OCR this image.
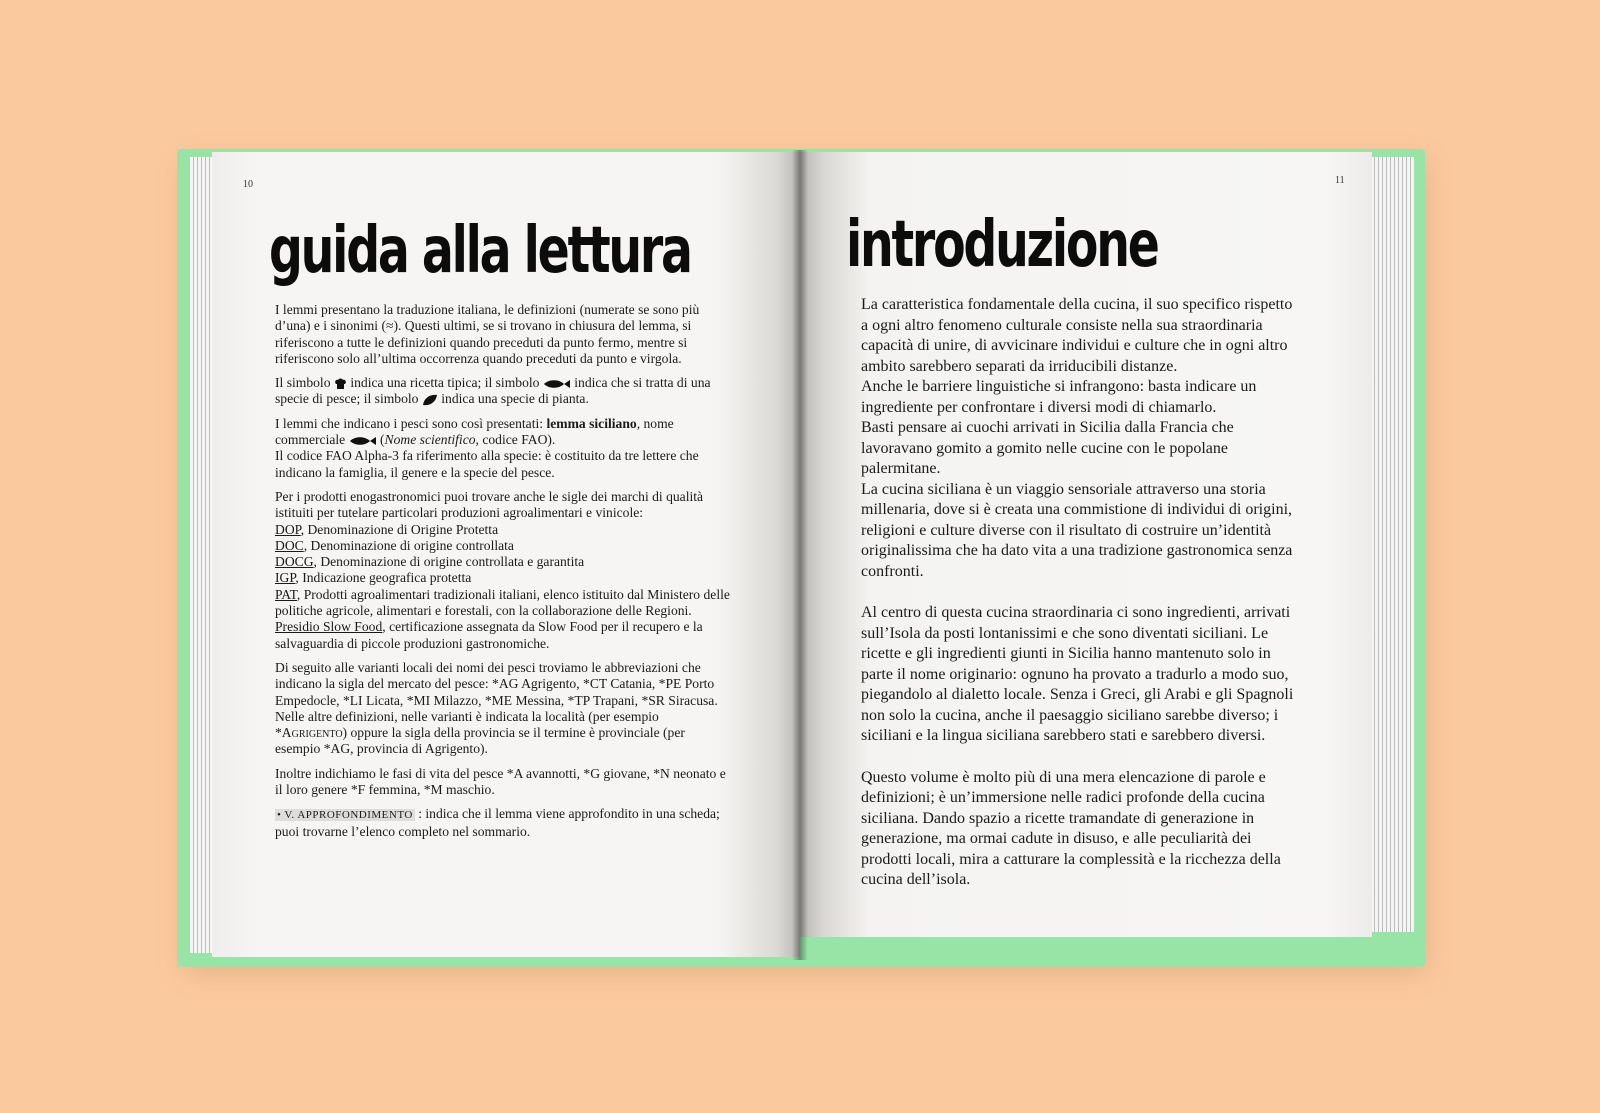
10
guida alla lettura

I lemmi presentano la traduzione italiana, le definizioni (numerate se sono più d’una) e i sinonimi (≈). Questi ultimi, se si trovano in chiusura del lemma, si riferiscono a tutte le definizioni quando preceduti da punto fermo, mentre si riferiscono solo all’ultima occorrenza quando preceduti da punto e virgola.

Il simbolo indica una ricetta tipica; il simbolo	indica che si tratta di una specie di pesce; il simbolo indica una specie di pianta.

I lemmi che indicano i pesci sono così presentati: lemma siciliano, nome commerciale	(Nome scientifico, codice FAO).
Il codice FAO Alpha-3 fa riferimento alla specie: è costituito da tre lettere che indicano la famiglia, il genere e la specie del pesce.

Per i prodotti enogastronomici puoi trovare anche le sigle dei marchi di qualità istituiti per tutelare particolari produzioni agroalimentari e vinicole:
DOP, Denominazione di Origine Protetta
DOC, Denominazione di origine controllata
DOCG, Denominazione di origine controllata e garantita
IGP, Indicazione geografica protetta
PAT, Prodotti agroalimentari tradizionali italiani, elenco istituito dal Ministero delle politiche agricole, alimentari e forestali, con la collaborazione delle Regioni.
Presidio Slow Food, certificazione assegnata da Slow Food per il recupero e la salvaguardia di piccole produzioni gastronomiche.

Di seguito alle varianti locali dei nomi dei pesci troviamo le abbreviazioni che indicano la sigla del mercato del pesce: *AG Agrigento, *CT Catania, *PE Porto Empedocle, *LI Licata, *MI Milazzo, *ME Messina, *TP Trapani, *SR Siracusa. Nelle altre definizioni, nelle varianti è indicata la località (per esempio *Agrigento) oppure la sigla della provincia se il termine è provinciale (per esempio *AG, provincia di Agrigento).

Inoltre indichiamo le fasi di vita del pesce *A avannotti, *G giovane, *N neonato e il loro genere *F femmina, *M maschio.

• V. APPROFONDIMENTO : indica che il lemma viene approfondito in una scheda; puoi trovarne l’elenco completo nel sommario.

11
introduzione

La caratteristica fondamentale della cucina, il suo specifico rispetto a ogni altro fenomeno culturale consiste nella sua straordinaria capacità di unire, di avvicinare individui e culture che in ogni altro ambito sarebbero separati da irriducibili distanze.
Anche le barriere linguistiche si infrangono: basta indicare un ingrediente per confrontare i diversi modi di chiamarlo.
Basti pensare ai cuochi arrivati in Sicilia dalla Francia che lavoravano gomito a gomito nelle cucine con le popolane palermitane.
La cucina siciliana è un viaggio sensoriale attraverso una storia millenaria, dove si è creata una commistione di individui di origini, religioni e culture diverse con il risultato di costruire un’identità originalissima che ha dato vita a una tradizione gastronomica senza confronti.

Al centro di questa cucina straordinaria ci sono ingredienti, arrivati sull’Isola da posti lontanissimi e che sono diventati siciliani. Le ricette e gli ingredienti giunti in Sicilia hanno mantenuto solo in parte il nome originario: ognuno ha provato a tradurlo a modo suo, piegandolo al dialetto locale. Senza i Greci, gli Arabi e gli Spagnoli non solo la cucina, anche il paesaggio siciliano sarebbe diverso; i siciliani e la lingua siciliana sarebbero stati e sarebbero diversi.

Questo volume è molto più di una mera elencazione di parole e definizioni; è un’immersione nelle radici profonde della cucina siciliana. Dando spazio a ricette tramandate di generazione in generazione, ma ormai cadute in disuso, e alle peculiarità dei prodotti locali, mira a catturare la complessità e la ricchezza della cucina dell’isola.
